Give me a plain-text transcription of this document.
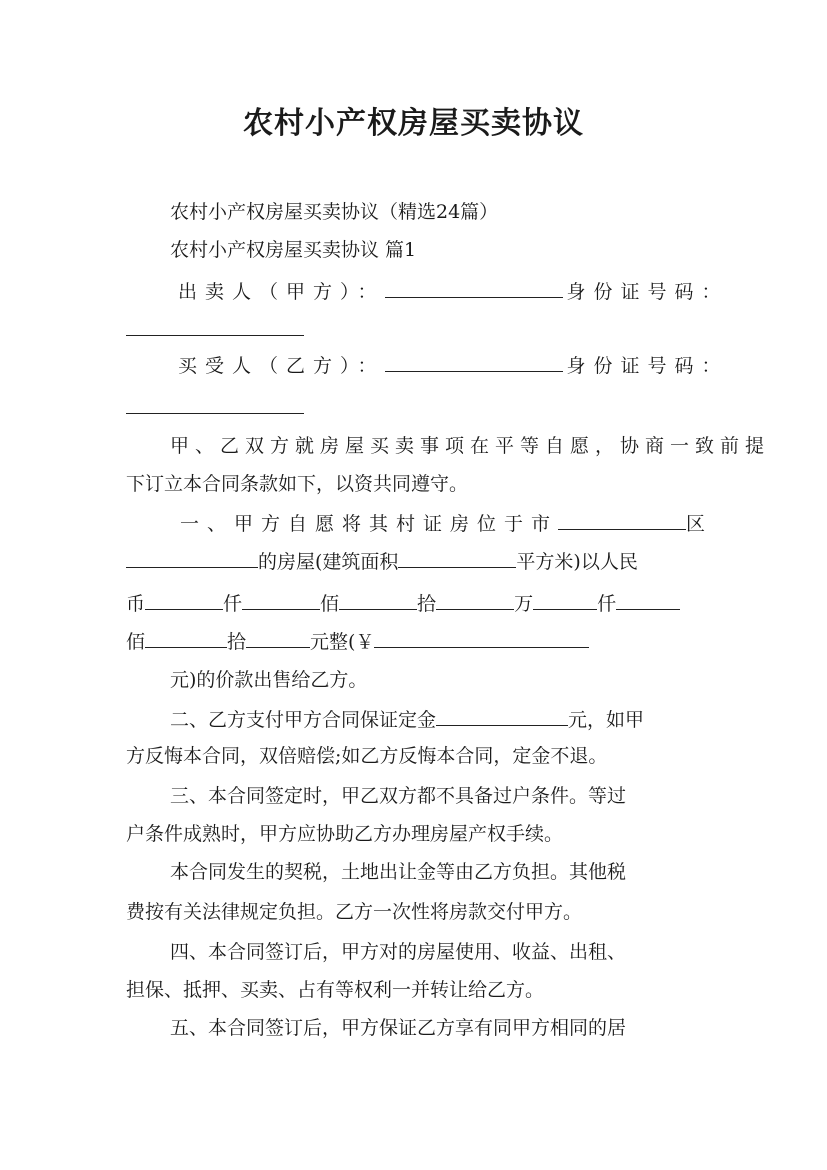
农村小产权房屋买卖协议
农村小产权房屋买卖协议（精选24篇）
农村小产权房屋买卖协议 篇1
出卖人（甲方）：	身份证号码：
买受人（乙方）：	身份证号码：
甲、乙双方就房屋买卖事项在平等自愿，协商一致前提
下订立本合同条款如下，以资共同遵守。
一、甲方自愿将其村证房位于市	区
的房屋(建筑面积	平方米)以人民
币	仟	佰	拾	万	仟
佰	拾	元整(￥
元)的价款出售给乙方。
二、乙方支付甲方合同保证定金	元，如甲
方反悔本合同，双倍赔偿;如乙方反悔本合同，定金不退。
三、本合同签定时，甲乙双方都不具备过户条件。等过
户条件成熟时，甲方应协助乙方办理房屋产权手续。
本合同发生的契税，土地出让金等由乙方负担。其他税
费按有关法律规定负担。乙方一次性将房款交付甲方。
四、本合同签订后，甲方对的房屋使用、收益、出租、
担保、抵押、买卖、占有等权利一并转让给乙方。
五、本合同签订后，甲方保证乙方享有同甲方相同的居
